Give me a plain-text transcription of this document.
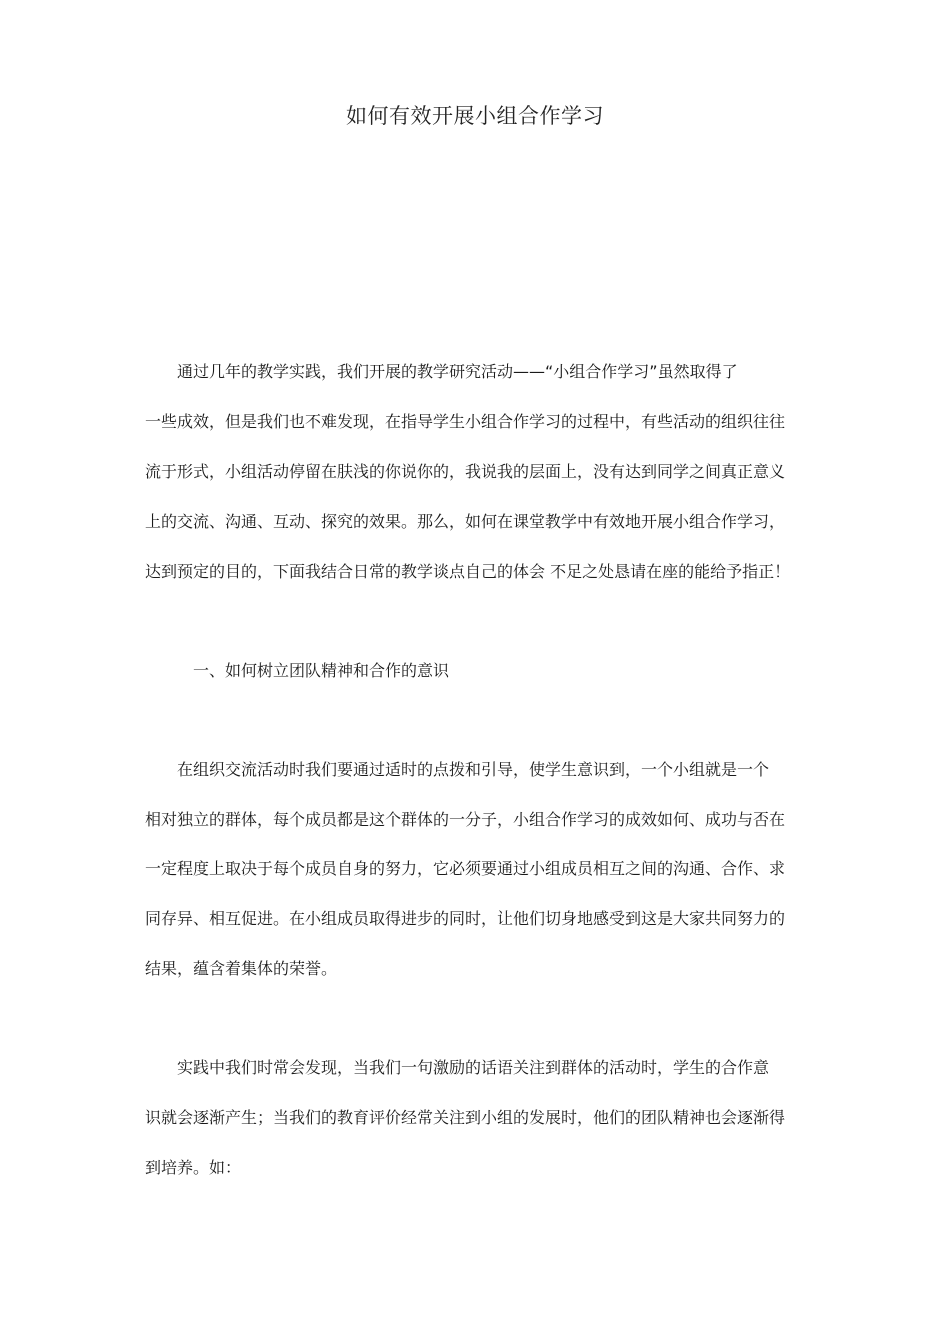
如何有效开展小组合作学习
　　通过几年的教学实践，我们开展的教学研究活动——“小组合作学习”虽然取得了
一些成效，但是我们也不难发现，在指导学生小组合作学习的过程中，有些活动的组织往往
流于形式，小组活动停留在肤浅的你说你的，我说我的层面上，没有达到同学之间真正意义
上的交流、沟通、互动、探究的效果。那么，如何在课堂教学中有效地开展小组合作学习，
达到预定的目的，下面我结合日常的教学谈点自己的体会 不足之处恳请在座的能给予指正！
一、如何树立团队精神和合作的意识
　　在组织交流活动时我们要通过适时的点拨和引导，使学生意识到，一个小组就是一个
相对独立的群体，每个成员都是这个群体的一分子，小组合作学习的成效如何、成功与否在
一定程度上取决于每个成员自身的努力，它必须要通过小组成员相互之间的沟通、合作、求
同存异、相互促进。在小组成员取得进步的同时，让他们切身地感受到这是大家共同努力的
结果，蕴含着集体的荣誉。
　　实践中我们时常会发现，当我们一句激励的话语关注到群体的活动时，学生的合作意
识就会逐渐产生；当我们的教育评价经常关注到小组的发展时，他们的团队精神也会逐渐得
到培养。如：
